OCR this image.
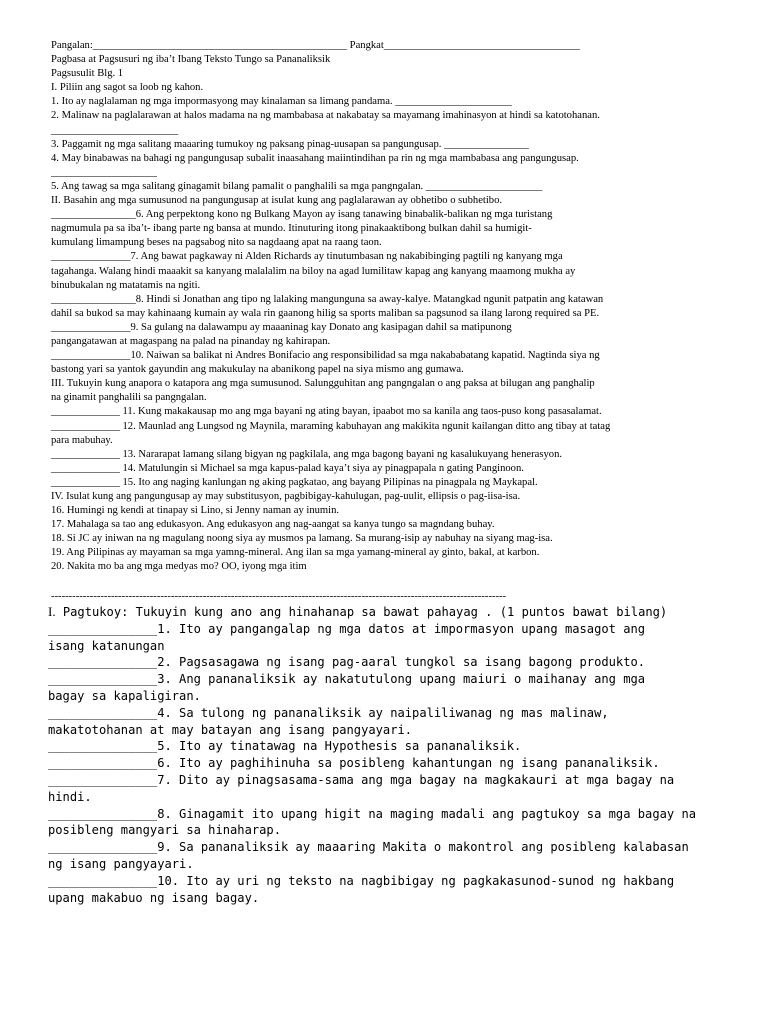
Pangalan:________________________________________________ Pangkat_____________________________________
Pagbasa at Pagsusuri ng iba’t Ibang Teksto Tungo sa Pananaliksik
Pagsusulit Blg. 1
I. Piliin ang sagot sa loob ng kahon.
1. Ito ay naglalaman ng mga impormasyong may kinalaman sa limang pandama. ______________________
2. Malinaw na paglalarawan at halos madama na ng mambabasa at nakabatay sa mayamang imahinasyon at hindi sa katotohanan.
________________________
3. Paggamit ng mga salitang maaaring tumukoy ng paksang pinag-uusapan sa pangungusap. ________________
4. May binabawas na bahagi ng pangungusap subalit inaasahang maiintindihan pa rin ng mga mambabasa ang pangungusap.
____________________
5. Ang tawag sa mga salitang ginagamit bilang pamalit o panghalili sa mga pangngalan. ______________________
II. Basahin ang mga sumusunod na pangungusap at isulat kung ang paglalarawan ay obhetibo o subhetibo.
________________6. Ang perpektong kono ng Bulkang Mayon ay isang tanawing binabalik-balikan ng mga turistang
nagmumula pa sa iba’t- ibang parte ng bansa at mundo. Itinuturing itong pinakaaktibong bulkan dahil sa humigit-
kumulang limampung beses na pagsabog nito sa nagdaang apat na raang taon.
_______________7. Ang bawat pagkaway ni Alden Richards ay tinutumbasan ng nakabibinging pagtili ng kanyang mga
tagahanga. Walang hindi maaakit sa kanyang malalalim na biloy na agad lumilitaw kapag ang kanyang maamong mukha ay
binubukalan ng matatamis na ngiti.
________________8. Hindi si Jonathan ang tipo ng lalaking mangunguna sa away-kalye. Matangkad ngunit patpatin ang katawan
dahil sa bukod sa may kahinaang kumain ay wala rin gaanong hilig sa sports maliban sa pagsunod sa ilang larong required sa PE.
_______________9. Sa gulang na dalawampu ay maaaninag kay Donato ang kasipagan dahil sa matipunong
pangangatawan at magaspang na palad na pinanday ng kahirapan.
_______________10. Naiwan sa balikat ni Andres Bonifacio ang responsibilidad sa mga nakababatang kapatid. Nagtinda siya ng
bastong yari sa yantok gayundin ang makukulay na abanikong papel na siya mismo ang gumawa.
III. Tukuyin kung anapora o katapora ang mga sumusunod. Salungguhitan ang pangngalan o ang paksa at bilugan ang panghalip
na ginamit panghalili sa pangngalan.
_____________ 11. Kung makakausap mo ang mga bayani ng ating bayan, ipaabot mo sa kanila ang taos-puso kong pasasalamat.
_____________ 12. Maunlad ang Lungsod ng Maynila, maraming kabuhayan ang makikita ngunit kailangan ditto ang tibay at tatag
para mabuhay.
_____________ 13. Nararapat lamang silang bigyan ng pagkilala, ang mga bagong bayani ng kasalukuyang henerasyon.
_____________ 14. Matulungin si Michael sa mga kapus-palad kaya’t siya ay pinagpapala n gating Panginoon.
_____________ 15. Ito ang naging kanlungan ng aking pagkatao, ang bayang Pilipinas na pinagpala ng Maykapal.
IV. Isulat kung ang pangungusap ay may substitusyon, pagbibigay-kahulugan, pag-uulit, ellipsis o pag-iisa-isa.
16. Humingi ng kendi at tinapay si Lino, si Jenny naman ay inumin.
17. Mahalaga sa tao ang edukasyon. Ang edukasyon ang nag-aangat sa kanya tungo sa magndang buhay.
18. Si JC ay iniwan na ng magulang noong siya ay musmos pa lamang. Sa murang-isip ay nabuhay na siyang mag-isa.
19. Ang Pilipinas ay mayaman sa mga yamng-mineral. Ang ilan sa mga yamang-mineral ay ginto, bakal, at karbon.
20. Nakita mo ba ang mga medyas mo? OO, iyong mga itim
---------------------------------------------------------------------------------------------------------------------------------
I. Pagtukoy: Tukuyin kung ano ang hinahanap sa bawat pahayag . (1 puntos bawat bilang)
_______________1. Ito ay pangangalap ng mga datos at impormasyon upang masagot ang
isang katanungan
_______________2. Pagsasagawa ng isang pag-aaral tungkol sa isang bagong produkto.
_______________3. Ang pananaliksik ay nakatutulong upang maiuri o maihanay ang mga
bagay sa kapaligiran.
_______________4. Sa tulong ng pananaliksik ay naipaliliwanag ng mas malinaw,
makatotohanan at may batayan ang isang pangyayari.
_______________5. Ito ay tinatawag na Hypothesis sa pananaliksik.
_______________6. Ito ay paghihinuha sa posibleng kahantungan ng isang pananaliksik.
_______________7. Dito ay pinagsasama-sama ang mga bagay na magkakauri at mga bagay na
hindi.
_______________8. Ginagamit ito upang higit na maging madali ang pagtukoy sa mga bagay na
posibleng mangyari sa hinaharap.
_______________9. Sa pananaliksik ay maaaring Makita o makontrol ang posibleng kalabasan
ng isang pangyayari.
_______________10. Ito ay uri ng teksto na nagbibigay ng pagkakasunod-sunod ng hakbang
upang makabuo ng isang bagay.
